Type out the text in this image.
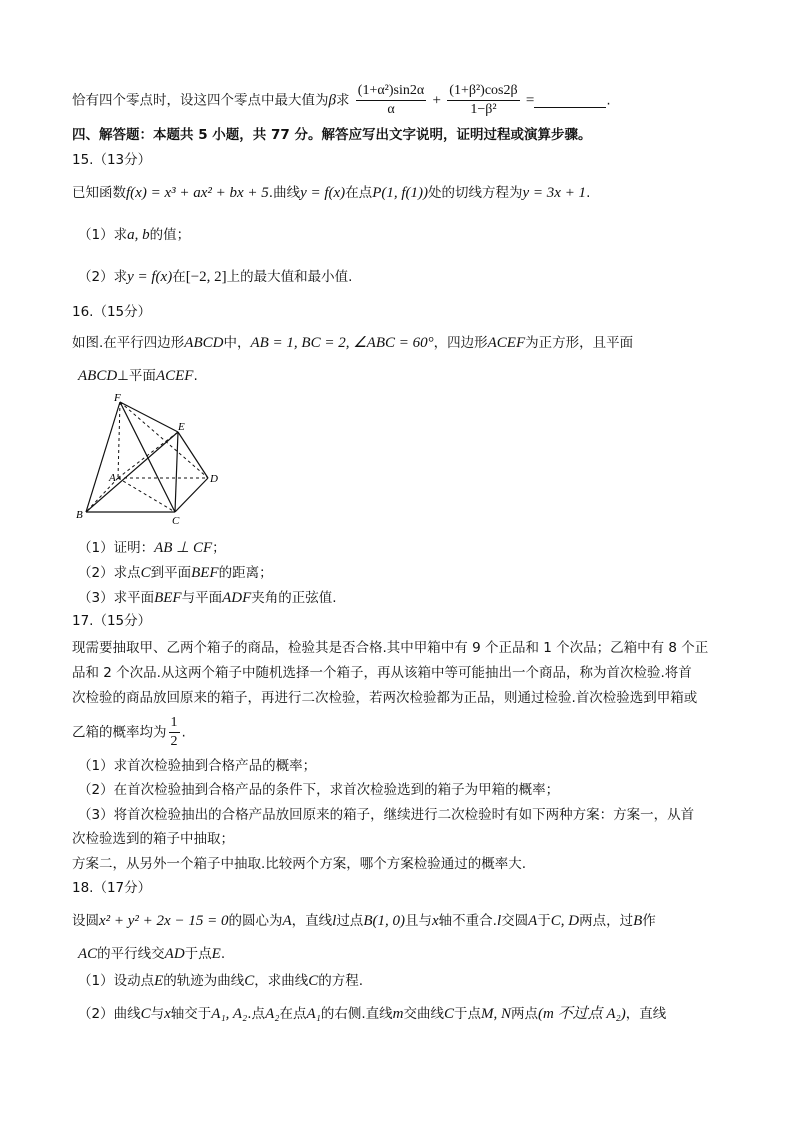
恰有四个零点时，设这四个零点中最大值为β求 $\frac{\text{(1+α²)sin2α}}{\alpha} + \frac{\text{(1+β²)cos2β}}{\text{1−β²}}$ =	.
四、解答题：本题共 5 小题，共 77 分。解答应写出文字说明，证明过程或演算步骤。
15.（13分）
已知函数f(x) = x³ + ax² + bx + 5.曲线y = f(x)在点P(1, f(1))处的切线方程为y = 3x + 1.
（1）求a, b的值；
（2）求y = f(x)在[−2, 2]上的最大值和最小值.
16.（15分）
如图.在平行四边形ABCD中，AB = 1, BC = 2, ∠ABC = 60°，四边形ACEF为正方形，且平面
ABCD⊥平面ACEF.
F
E
A	D
B	C
（1）证明：AB ⊥ CF；
（2）求点C到平面BEF的距离；
（3）求平面BEF与平面ADF夹角的正弦值.
17.（15分）
现需要抽取甲、乙两个箱子的商品，检验其是否合格.其中甲箱中有 9 个正品和 1 个次品；乙箱中有 8 个正
品和 2 个次品.从这两个箱子中随机选择一个箱子，再从该箱中等可能抽出一个商品，称为首次检验.将首
次检验的商品放回原来的箱子，再进行二次检验，若两次检验都为正品，则通过检验.首次检验选到甲箱或
乙箱的概率均为 $\frac{1}{2}$ .
（1）求首次检验抽到合格产品的概率；
（2）在首次检验抽到合格产品的条件下，求首次检验选到的箱子为甲箱的概率；
（3）将首次检验抽出的合格产品放回原来的箱子，继续进行二次检验时有如下两种方案：方案一，从首
次检验选到的箱子中抽取；
方案二，从另外一个箱子中抽取.比较两个方案，哪个方案检验通过的概率大.
18.（17分）
设圆x² + y² + 2x − 15 = 0的圆心为A，直线l过点B(1, 0)且与x轴不重合.l交圆A于C, D两点，过B作
AC的平行线交AD于点E.
（1）设动点E的轨迹为曲线C，求曲线C的方程.
（2）曲线C与x轴交于A₁, A₂.点A₂在点A₁的右侧.直线m交曲线C于点M, N两点(m 不过点 A₂)，直线
